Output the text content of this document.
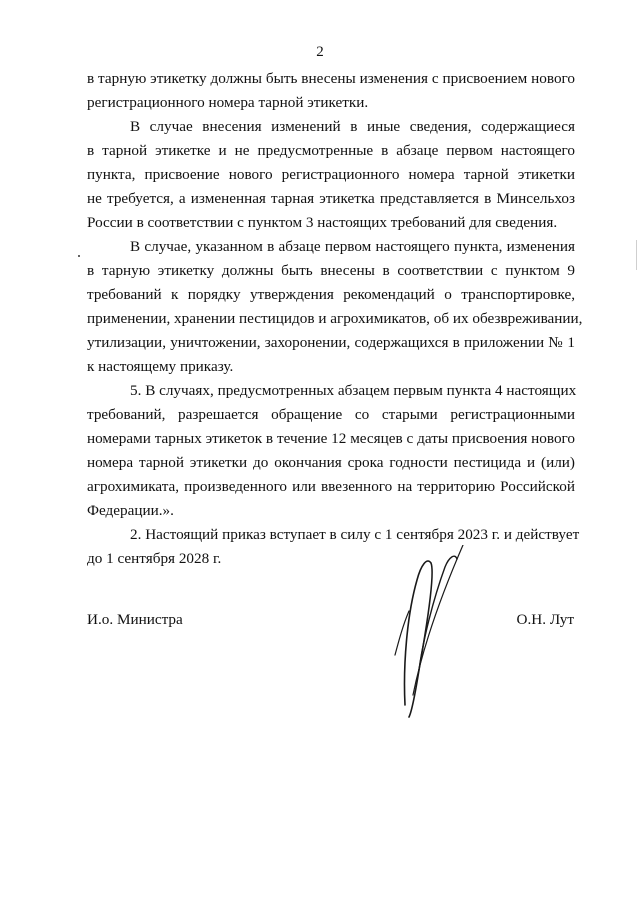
2
в тарную этикетку должны быть внесены изменения с присвоением нового
регистрационного номера тарной этикетки.
В случае внесения изменений в иные сведения, содержащиеся
в тарной этикетке и не предусмотренные в абзаце первом настоящего
пункта, присвоение нового регистрационного номера тарной этикетки
не требуется, а измененная тарная этикетка представляется в Минсельхоз
России в соответствии с пунктом 3 настоящих требований для сведения.
В случае, указанном в абзаце первом настоящего пункта, изменения
в тарную этикетку должны быть внесены в соответствии с пунктом 9
требований к порядку утверждения рекомендаций о транспортировке,
применении, хранении пестицидов и агрохимикатов, об их обезвреживании,
утилизации, уничтожении, захоронении, содержащихся в приложении № 1
к настоящему приказу.
5. В случаях, предусмотренных абзацем первым пункта 4 настоящих
требований, разрешается обращение со старыми регистрационными
номерами тарных этикеток в течение 12 месяцев с даты присвоения нового
номера тарной этикетки до окончания срока годности пестицида и (или)
агрохимиката, произведенного или ввезенного на территорию Российской
Федерации.».
2. Настоящий приказ вступает в силу с 1 сентября 2023 г. и действует
до 1 сентября 2028 г.
И.о. Министра	О.Н. Лут
